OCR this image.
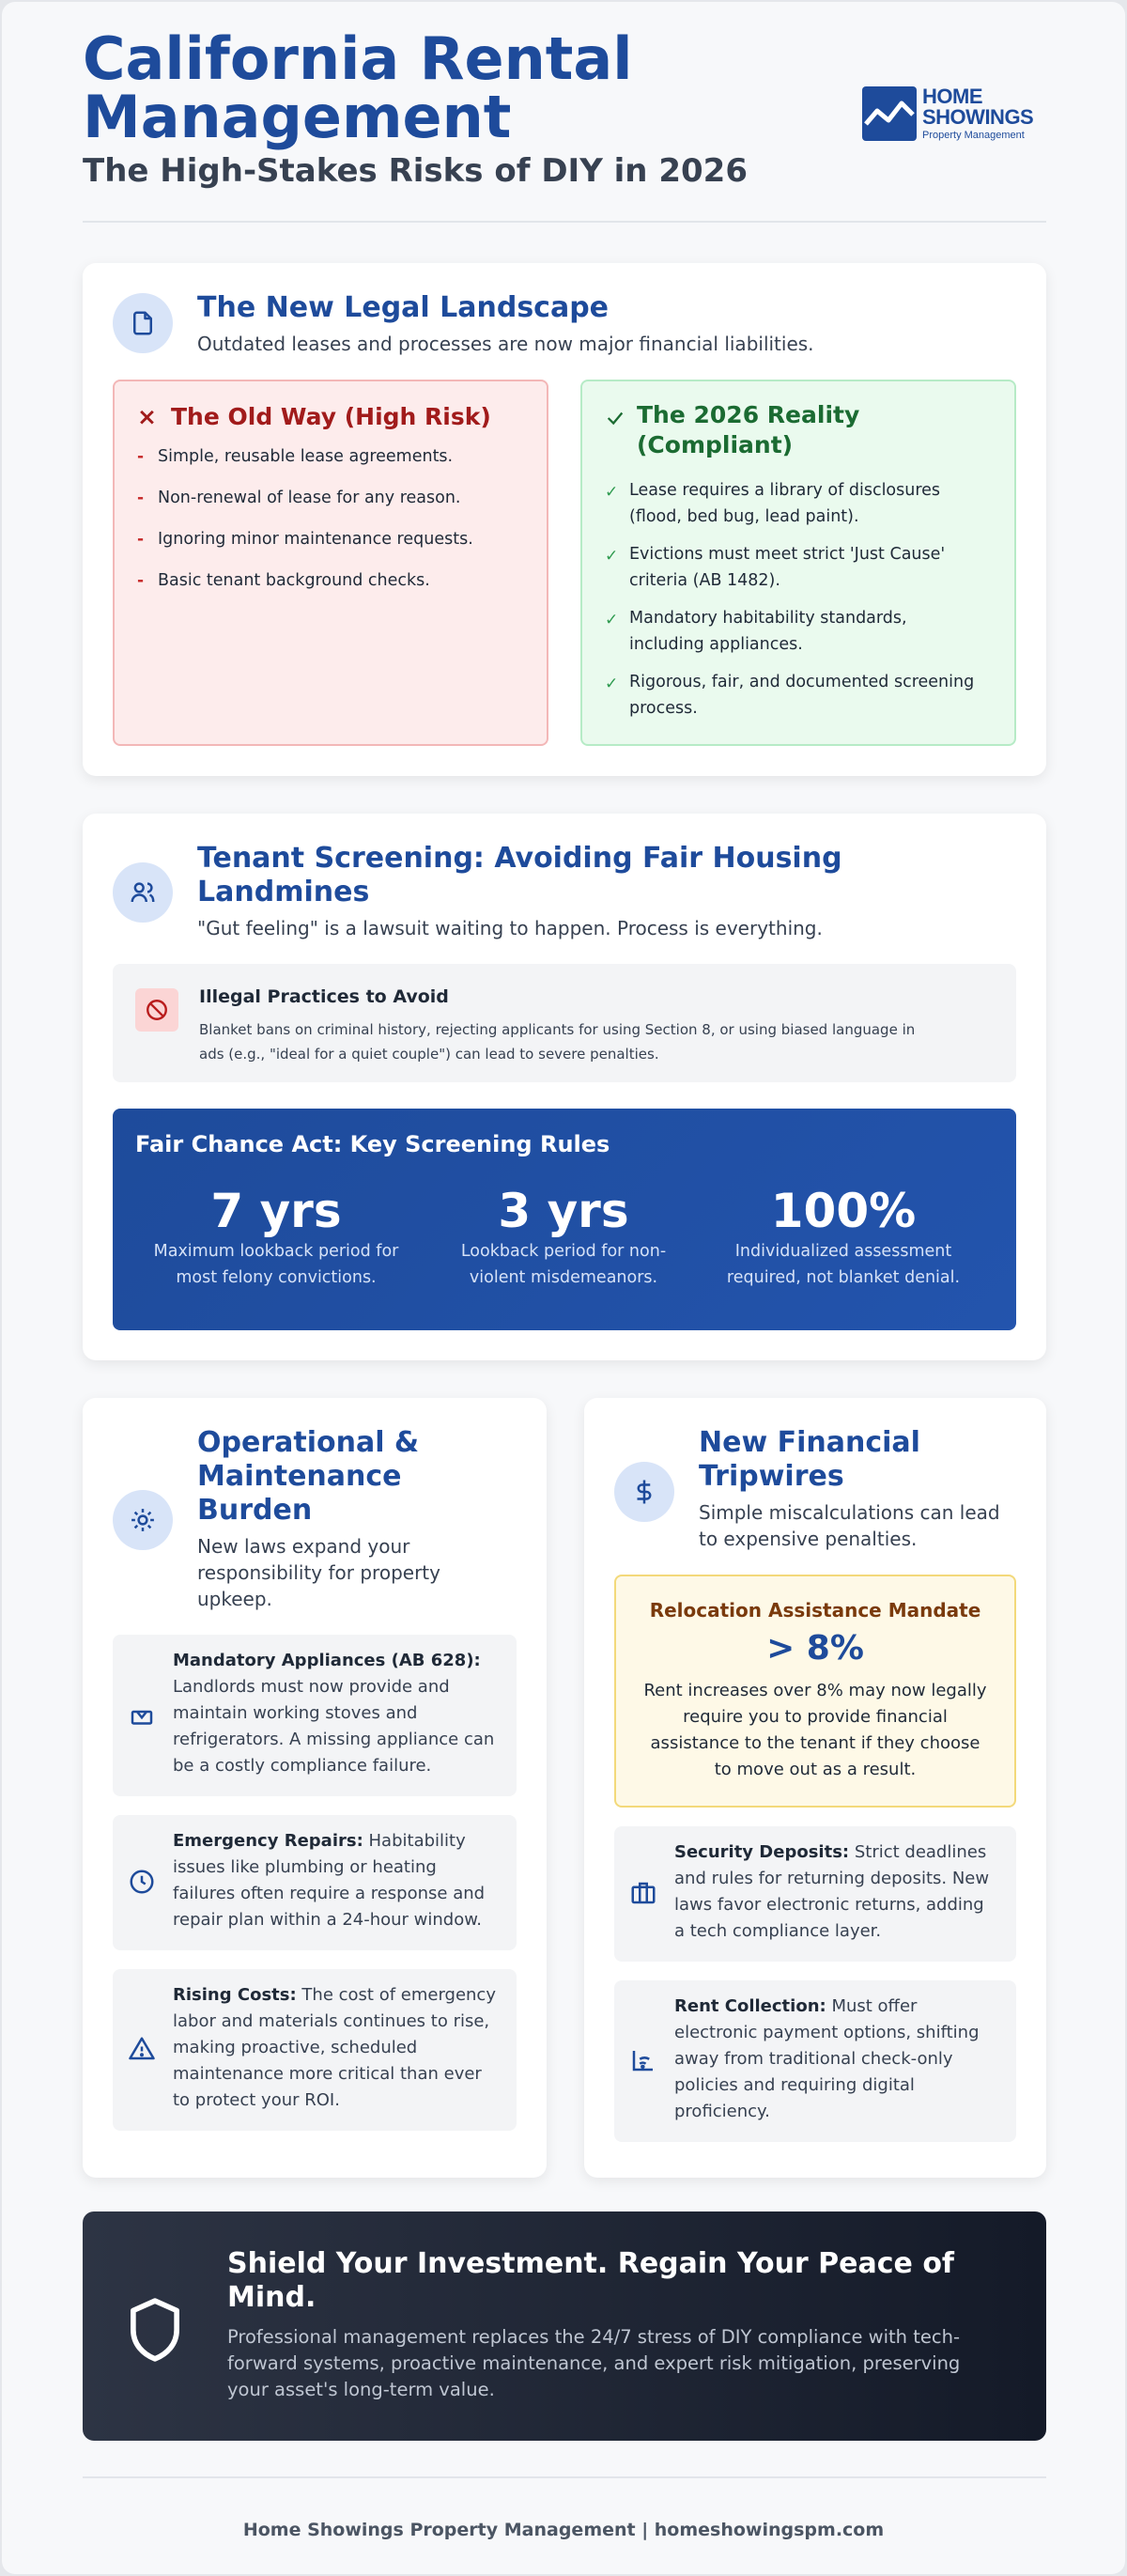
California Rental Management
The High-Stakes Risks of DIY in 2026
HOME
SHOWINGS
Property Management
The New Legal Landscape
Outdated leases and processes are now major financial liabilities.
× The Old Way (High Risk)
- Simple, reusable lease agreements.
- Non-renewal of lease for any reason.
- Ignoring minor maintenance requests.
- Basic tenant background checks.
The 2026 Reality
(Compliant)
✓ Lease requires a library of disclosures
(flood, bed bug, lead paint).
✓ Evictions must meet strict 'Just Cause'
criteria (AB 1482).
✓ Mandatory habitability standards,
including appliances.
✓ Rigorous, fair, and documented screening
process.
Tenant Screening: Avoiding Fair Housing
Landmines
"Gut feeling" is a lawsuit waiting to happen. Process is everything.
Illegal Practices to Avoid
Blanket bans on criminal history, rejecting applicants for using Section 8, or using biased language in
ads (e.g., "ideal for a quiet couple") can lead to severe penalties.
Fair Chance Act: Key Screening Rules
7 yrs
Maximum lookback period for
most felony convictions.
3 yrs
Lookback period for non-
violent misdemeanors.
100%
Individualized assessment
required, not blanket denial.
Operational &
Maintenance
Burden
New laws expand your
responsibility for property
upkeep.
Mandatory Appliances (AB 628):
Landlords must now provide and
maintain working stoves and
refrigerators. A missing appliance can
be a costly compliance failure.
Emergency Repairs: Habitability
issues like plumbing or heating
failures often require a response and
repair plan within a 24-hour window.
Rising Costs: The cost of emergency
labor and materials continues to rise,
making proactive, scheduled
maintenance more critical than ever
to protect your ROI.
New Financial
Tripwires
Simple miscalculations can lead
to expensive penalties.
Relocation Assistance Mandate
> 8%
Rent increases over 8% may now legally
require you to provide financial
assistance to the tenant if they choose
to move out as a result.
Security Deposits: Strict deadlines
and rules for returning deposits. New
laws favor electronic returns, adding
a tech compliance layer.
Rent Collection: Must offer
electronic payment options, shifting
away from traditional check-only
policies and requiring digital
proficiency.
Shield Your Investment. Regain Your Peace of
Mind.
Professional management replaces the 24/7 stress of DIY compliance with tech-
forward systems, proactive maintenance, and expert risk mitigation, preserving
your asset's long-term value.
Home Showings Property Management | homeshowingspm.com
